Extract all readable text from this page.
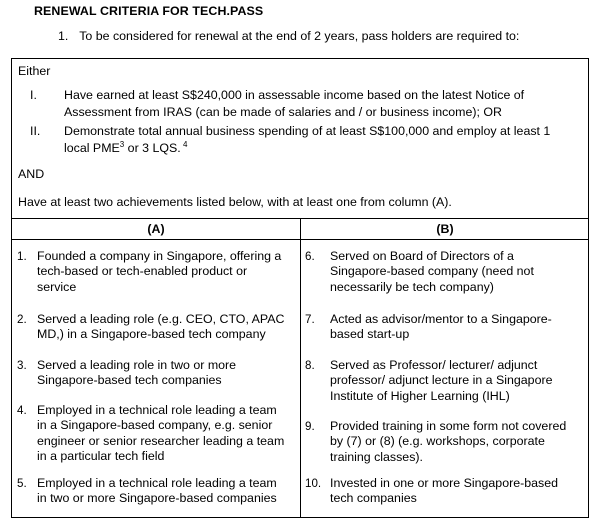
RENEWAL CRITERIA FOR TECH.PASS
1. To be considered for renewal at the end of 2 years, pass holders are required to:
Either
I. Have earned at least S$240,000 in assessable income based on the latest Notice of
Assessment from IRAS (can be made of salaries and / or business income); OR
II. Demonstrate total annual business spending of at least S$100,000 and employ at least 1
local PME$^3$ or 3 LQS. $^4$
AND
Have at least two achievements listed below, with at least one from column (A).
(A)	(B)
1. Founded a company in Singapore, offering a tech-based or tech-enabled product or service
2. Served a leading role (e.g. CEO, CTO, APAC MD,) in a Singapore-based tech company
3. Served a leading role in two or more Singapore-based tech companies
4. Employed in a technical role leading a team in a Singapore-based company, e.g. senior engineer or senior researcher leading a team in a particular tech field
5. Employed in a technical role leading a team in two or more Singapore-based companies
6. Served on Board of Directors of a Singapore-based company (need not necessarily be tech company)
7. Acted as advisor/mentor to a Singapore-based start-up
8. Served as Professor/ lecturer/ adjunct professor/ adjunct lecture in a Singapore Institute of Higher Learning (IHL)
9. Provided training in some form not covered by (7) or (8) (e.g. workshops, corporate training classes).
10. Invested in one or more Singapore-based tech companies
